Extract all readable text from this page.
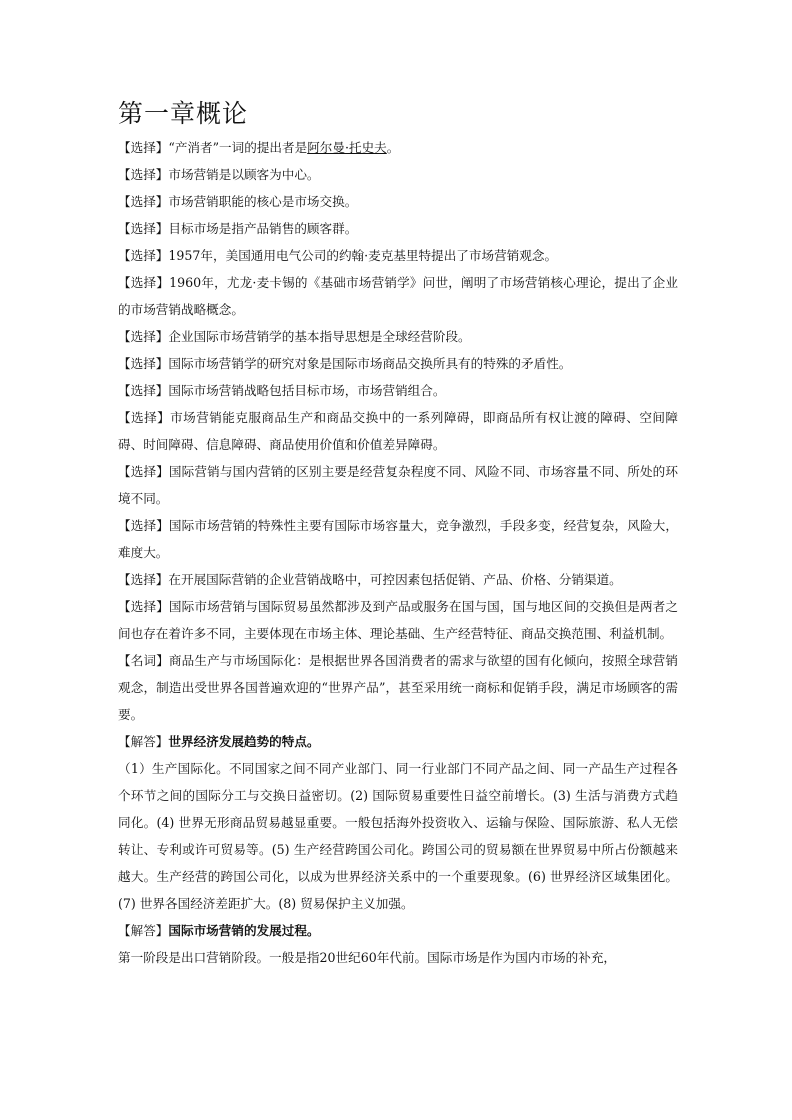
第一章概论

【选择】“产消者”一词的提出者是阿尔曼·托史夫。

【选择】市场营销是以顾客为中心。

【选择】市场营销职能的核心是市场交换。

【选择】目标市场是指产品销售的顾客群。

【选择】1957年，美国通用电气公司的约翰·麦克基里特提出了市场营销观念。

【选择】1960年，尤龙·麦卡锡的《基础市场营销学》问世，阐明了市场营销核心理论，提出了企业的市场营销战略概念。

【选择】企业国际市场营销学的基本指导思想是全球经营阶段。

【选择】国际市场营销学的研究对象是国际市场商品交换所具有的特殊的矛盾性。

【选择】国际市场营销战略包括目标市场，市场营销组合。

【选择】市场营销能克服商品生产和商品交换中的一系列障碍，即商品所有权让渡的障碍、空间障碍、时间障碍、信息障碍、商品使用价值和价值差异障碍。

【选择】国际营销与国内营销的区别主要是经营复杂程度不同、风险不同、市场容量不同、所处的环境不同。

【选择】国际市场营销的特殊性主要有国际市场容量大，竞争激烈，手段多变，经营复杂，风险大，难度大。

【选择】在开展国际营销的企业营销战略中，可控因素包括促销、产品、价格、分销渠道。

【选择】国际市场营销与国际贸易虽然都涉及到产品或服务在国与国，国与地区间的交换但是两者之间也存在着许多不同，主要体现在市场主体、理论基础、生产经营特征、商品交换范围、利益机制。

【名词】商品生产与市场国际化：是根据世界各国消费者的需求与欲望的国有化倾向，按照全球营销观念，制造出受世界各国普遍欢迎的“世界产品”，甚至采用统一商标和促销手段，满足市场顾客的需要。

【解答】世界经济发展趋势的特点。

（1）生产国际化。不同国家之间不同产业部门、同一行业部门不同产品之间、同一产品生产过程各个环节之间的国际分工与交换日益密切。(2) 国际贸易重要性日益空前增长。(3) 生活与消费方式趋同化。(4) 世界无形商品贸易越显重要。一般包括海外投资收入、运输与保险、国际旅游、私人无偿转让、专利或许可贸易等。(5) 生产经营跨国公司化。跨国公司的贸易额在世界贸易中所占份额越来越大。生产经营的跨国公司化，以成为世界经济关系中的一个重要现象。(6) 世界经济区域集团化。(7) 世界各国经济差距扩大。(8) 贸易保护主义加强。

【解答】国际市场营销的发展过程。

第一阶段是出口营销阶段。一般是指20世纪60年代前。国际市场是作为国内市场的补充，
